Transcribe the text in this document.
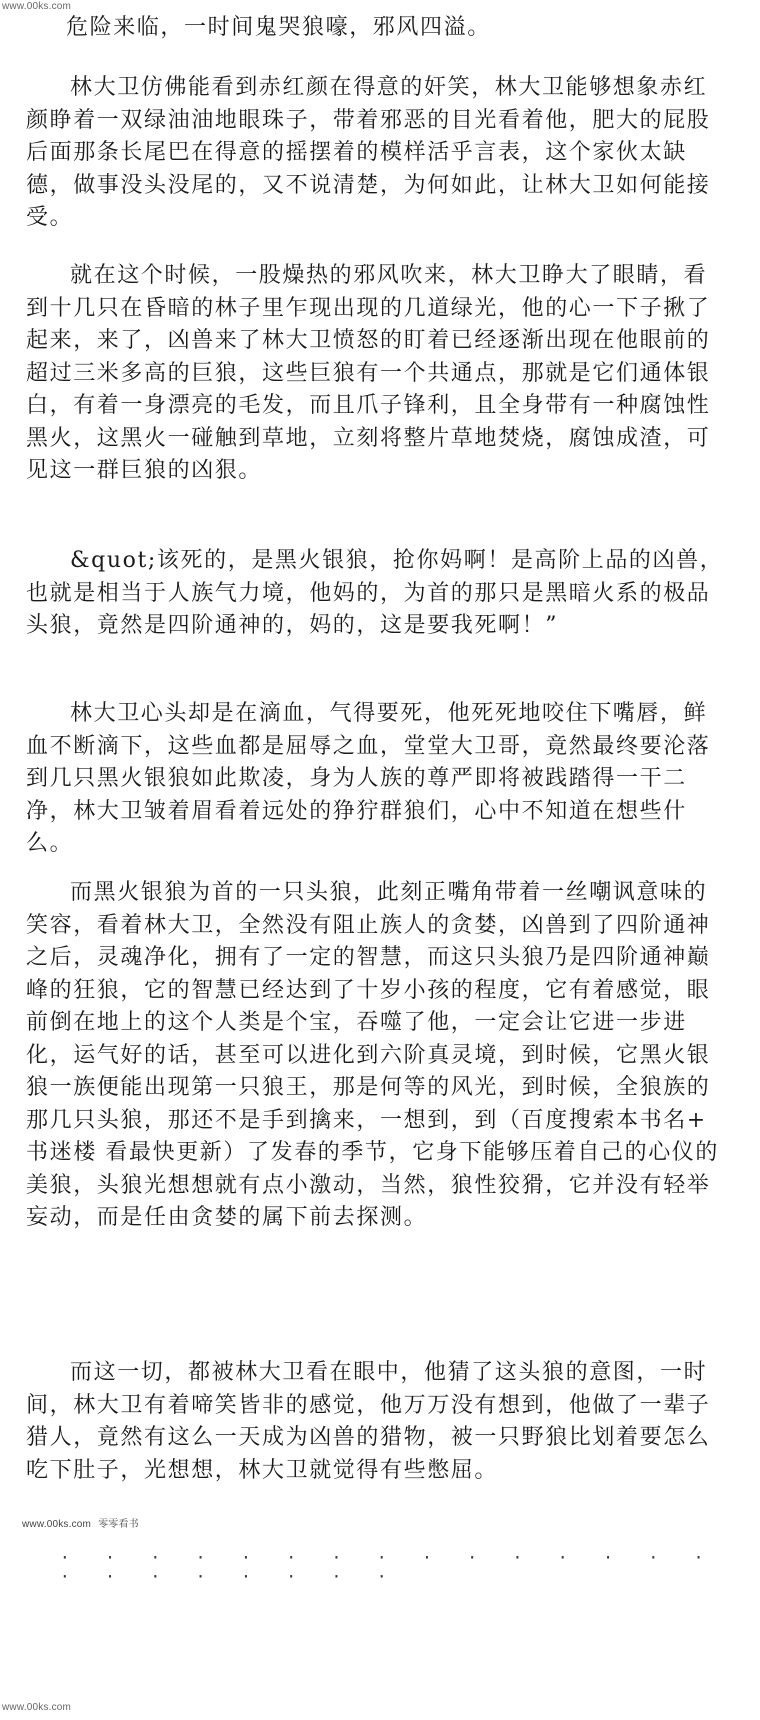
www.00ks.com

危险来临，一时间鬼哭狼嚎，邪风四溢。

林大卫仿佛能看到赤红颜在得意的奸笑，林大卫能够想象赤红颜睁着一双绿油油地眼珠子，带着邪恶的目光看着他，肥大的屁股后面那条长尾巴在得意的摇摆着的模样活乎言表，这个家伙太缺德，做事没头没尾的，又不说清楚，为何如此，让林大卫如何能接受。

就在这个时候，一股燥热的邪风吹来，林大卫睁大了眼睛，看到十几只在昏暗的林子里乍现出现的几道绿光，他的心一下子揪了起来，来了，凶兽来了林大卫愤怒的盯着已经逐渐出现在他眼前的超过三米多高的巨狼，这些巨狼有一个共通点，那就是它们通体银白，有着一身漂亮的毛发，而且爪子锋利，且全身带有一种腐蚀性黑火，这黑火一碰触到草地，立刻将整片草地焚烧，腐蚀成渣，可见这一群巨狼的凶狠。

&quot;该死的，是黑火银狼，抢你妈啊！是高阶上品的凶兽，也就是相当于人族气力境，他妈的，为首的那只是黑暗火系的极品头狼，竟然是四阶通神的，妈的，这是要我死啊！”

林大卫心头却是在滴血，气得要死，他死死地咬住下嘴唇，鲜血不断滴下，这些血都是屈辱之血，堂堂大卫哥，竟然最终要沦落到几只黑火银狼如此欺凌，身为人族的尊严即将被践踏得一干二净，林大卫皱着眉看着远处的狰狞群狼们，心中不知道在想些什么。

而黑火银狼为首的一只头狼，此刻正嘴角带着一丝嘲讽意味的笑容，看着林大卫，全然没有阻止族人的贪婪，凶兽到了四阶通神之后，灵魂净化，拥有了一定的智慧，而这只头狼乃是四阶通神巅峰的狂狼，它的智慧已经达到了十岁小孩的程度，它有着感觉，眼前倒在地上的这个人类是个宝，吞噬了他，一定会让它进一步进化，运气好的话，甚至可以进化到六阶真灵境，到时候，它黑火银狼一族便能出现第一只狼王，那是何等的风光，到时候，全狼族的那几只头狼，那还不是手到擒来，一想到，到（百度搜索本书名+ 书迷楼 看最快更新）了发春的季节，它身下能够压着自己的心仪的美狼，头狼光想想就有点小激动，当然，狼性狡猾，它并没有轻举妄动，而是任由贪婪的属下前去探测。

而这一切，都被林大卫看在眼中，他猜了这头狼的意图，一时间，林大卫有着啼笑皆非的感觉，他万万没有想到，他做了一辈子猎人，竟然有这么一天成为凶兽的猎物，被一只野狼比划着要怎么吃下肚子，光想想，林大卫就觉得有些憋屈。

www.00ks.com 零零看书
· · · · · · · · · · · · · · · · · · · · · · ·
www.00ks.com
